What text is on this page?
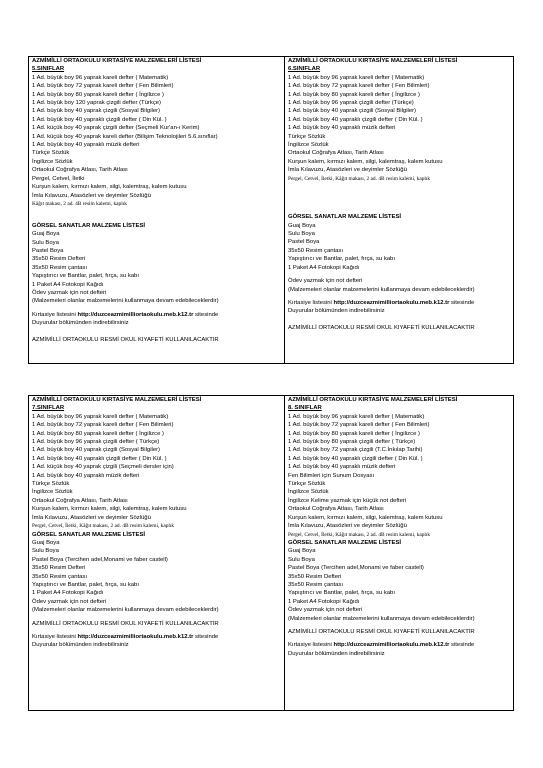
AZMİMİLLİ ORTAOKULU KIRTASİYE MALZEMELERİ LİSTESİ
5.SINIFLAR
1 Ad. büyük boy 96 yaprak kareli defter ( Matematik)
1 Ad. büyük boy 72 yaprak kareli defter ( Fen Bilimleri)
1 Ad. büyük boy 80 yaprak kareli defter ( İngilizce )
1 Ad. büyük boy 120 yaprak çizgili defter (Türkçe)
1 Ad. büyük boy 40 yaprak çizgili (Sosyal Bilgiler)
1 Ad. büyük boy 40 yapraklı çizgili defter ( Din Kül. )
1 Ad. küçük boy 40 yaprak çizgili defter (Seçmeli Kur'an-ı Kerim)
1 Ad. küçük boy 40 yaprak kareli defter (Bilişim Teknolojileri 5.6.sınıflar)
1 Ad. büyük boy 40 yapraklı müzik defteri
Türkçe Sözlük
İngilizce Sözlük
Ortaokul Coğrafya Atlası, Tarih Atlası
Pergel, Cetvel, İletki
Kurşun kalem, kırmızı kalem, silgi, kalemtraş, kalem kutusu
İmla Kılavuzu, Atasözleri ve deyimler Sözlüğü
Kâğıt makası, 2 ad. 4B resim kalemi, kaplık
GÖRSEL SANATLAR MALZEME LİSTESİ
Guaj Boya
Sulu Boya
Pastel Boya
35x50 Resim Defteri
35x50 Resim çantası
Yapıştırıcı ve Bantlar, palet, fırça, su kabı
1 Paket A4 Fotokopi Kağıdı
Ödev yazmak için not defteri
(Malzemeleri olanlar malzemelerini kullanmaya devam edebileceklerdir)
Kırtasiye listesini http://duzceazmimilliortaokulu.meb.k12.tr sitesinde
Duyurular bölümünden indirebilirsiniz
AZMİMİLLİ ORTAOKULU RESMİ OKUL KIYAFETİ KULLANILACAKTIR
AZMİMİLLİ ORTAOKULU KIRTASİYE MALZEMELERİ LİSTESİ
6.SINIFLAR
1 Ad. büyük boy 96 yaprak kareli defter ( Matematik)
1 Ad. büyük boy 72 yaprak kareli defter ( Fen Bilimleri)
1 Ad. büyük boy 80 yaprak kareli defter ( İngilizce )
1 Ad. büyük boy 96 yaprak çizgili defter (Türkçe)
1 Ad. büyük boy 40 yaprak çizgili (Sosyal Bilgiler)
1 Ad. büyük boy 40 yapraklı çizgili defter ( Din Kül. )
1 Ad. büyük boy 40 yapraklı müzik defteri
Türkçe Sözlük
İngilizce Sözlük
Ortaokul Coğrafya Atlası, Tarih Atlası
Kurşun kalem, kırmızı kalem, silgi, kalemtraş, kalem kutusu
İmla Kılavuzu, Atasözleri ve deyimler Sözlüğü
Pergel, Cetvel, İletki, Kâğıt makası, 2 ad. 4B resim kalemi, kaplık
GÖRSEL SANATLAR MALZEME LİSTESİ
Guaj Boya
Sulu Boya
Pastel Boya
35x50 Resim çantası
Yapıştırıcı ve Bantlar, palet, fırça, su kabı
1 Paket A4 Fotokopi Kağıdı
Ödev yazmak için not defteri
(Malzemeleri olanlar malzemelerini kullanmaya devam edebileceklerdir)
Kırtasiye listesini http://duzceazmimilliortaokulu.meb.k12.tr sitesinde
Duyurular bölümünden indirebilirsiniz
AZMİMİLLİ ORTAOKULU RESMİ OKUL KIYAFETİ KULLANILACAKTIR
AZMİMİLLİ ORTAOKULU KIRTASİYE MALZEMELERİ LİSTESİ
7.SINIFLAR
1 Ad. büyük boy 96 yaprak kareli defter ( Matematik)
1 Ad. büyük boy 72 yaprak kareli defter ( Fen Bilimleri)
1 Ad. büyük boy 80 yaprak kareli defter ( İngilizce )
1 Ad. büyük boy 96 yaprak çizgili defter ( Türkçe)
1 Ad. büyük boy 40 yaprak çizgili (Sosyal Bilgiler)
1 Ad. büyük boy 40 yapraklı çizgili defter ( Din Kül. )
1 Ad. küçük boy 40 yaprak çizgili (Seçmeli dersler için)
1 Ad. büyük boy 40 yapraklı müzik defteri
Türkçe Sözlük
İngilizce Sözlük
Ortaokul Coğrafya Atlası, Tarih Atlası
Kurşun kalem, kırmızı kalem, silgi, kalemtraş, kalem kutusu
İmla Kılavuzu, Atasözleri ve deyimler Sözlüğü
Pergel, Cetvel, İletki, Kâğıt makası, 2 ad. 4B resim kalemi, kaplık
GÖRSEL SANATLAR MALZEME LİSTESİ
Guaj Boya
Sulu Boya
Pastel Boya (Tercihen adel,Monami ve faber castell)
35x50 Resim Defteri
35x50 Resim çantası
Yapıştırıcı ve Bantlar, palet, fırça, su kabı
1 Paket A4 Fotokopi Kağıdı
Ödev yazmak için not defteri
(Malzemeleri olanlar malzemelerini kullanmaya devam edebileceklerdir)
AZMİMİLLİ ORTAOKULU RESMİ OKUL KIYAFETİ KULLANILACAKTIR
Kırtasiye listesini http://duzceazmimilliortaokulu.meb.k12.tr sitesinde
Duyurular bölümünden indirebilirsiniz
AZMİMİLLİ ORTAOKULU KIRTASİYE MALZEMELERİ LİSTESİ
8. SINIFLAR
1 Ad. büyük boy 96 yaprak kareli defter ( Matematik)
1 Ad. büyük boy 72 yaprak kareli defter ( Fen Bilimleri)
1 Ad. büyük boy 80 yaprak kareli defter ( İngilizce )
1 Ad. büyük boy 80 yaprak çizgili defter ( Türkçe)
1 Ad. büyük boy 72 yaprak çizgili (T.C.İnkılap Tarihi)
1 Ad. büyük boy 40 yapraklı çizgili defter ( Din Kül. )
1 Ad. büyük boy 40 yapraklı müzik defteri
Fen Bilimleri için Sunum Dosyası
Türkçe Sözlük
İngilizce Sözlük
İngilizce Kelime yazmak için küçük not defteri
Ortaokul Coğrafya Atlası, Tarih Atlası
Kurşun kalem, kırmızı kalem, silgi, kalemtraş, kalem kutusu
İmla Kılavuzu, Atasözleri ve deyimler Sözlüğü
Pergel, Cetvel, İletki, Kâğıt makası, 2 ad. 4B resim kalemi, kaplık
GÖRSEL SANATLAR MALZEME LİSTESİ
Guaj Boya
Sulu Boya
Pastel Boya (Tercihen adel,Monami ve faber castell)
35x50 Resim Defteri
35x50 Resim çantası
Yapıştırıcı ve Bantlar, palet, fırça, su kabı
1 Paket A4 Fotokopi Kağıdı
Ödev yazmak için not defteri
(Malzemeleri olanlar malzemelerini kullanmaya devam edebileceklerdir)
AZMİMİLLİ ORTAOKULU RESMİ OKUL KIYAFETİ KULLANILACAKTIR
Kırtasiye listesini http://duzceazmimilliortaokulu.meb.k12.tr sitesinde
Duyurular bölümünden indirebilirsiniz
